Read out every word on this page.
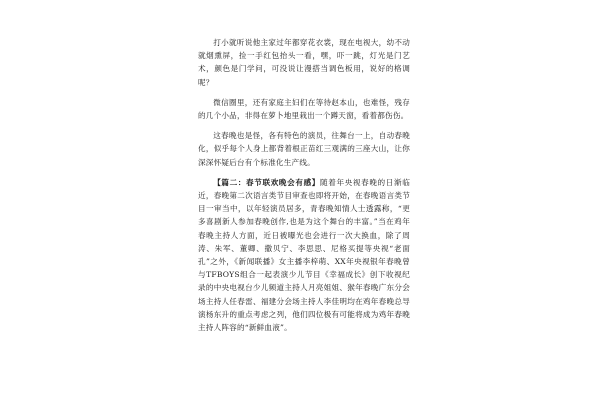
打小就听说他主家过年都穿花衣裳，现在电视大，幼不动就烟熏屏，捡一手红包抬头一看，嘿，吓一跳，灯光是门艺术，颜色是门学问，可没说让漫搭当调色板用，说好的格调呢？

微信圈里，还有家庭主妇们在等待赵本山，也难怪，残存的几个小品，非得在萝卜地里栽出一个蹲天窗，看着都伤伤。

这春晚也是怪，各有特色的演员，往舞台一上，自动春晚化，似乎每个人身上都背着根正苗红三观满的三座大山，让你深深怀疑后台有个标准化生产线。

【篇二：春节联欢晚会有感】随着年央视春晚的日渐临近，春晚第二次语言类节目审查也即将开始，在春晚语言类节目一审当中，以年轻演员居多，青春晚知情人士透露称，“更多喜剧新人参加春晚创作,也是为这个舞台的丰富。”当在鸡年春晚主持人方面，近日被曝光也会进行一次大换血，除了周涛、朱军、董卿、撒贝宁、李思思、尼格买提等央视“老面孔”之外，《新闻联播》女主播李梓萌、XX年央视银年春晚曾与TFBOYS组合一起表演少儿节目《幸福成长》创下收视纪录的中央电视台少儿频道主持人月亮姐姐、猴年春晚广东分会场主持人任春雷、福建分会场主持人李佳明均在鸡年春晚总导演杨东升的重点考虑之列，他们四位极有可能将成为鸡年春晚主持人阵容的“新鲜血液”。
